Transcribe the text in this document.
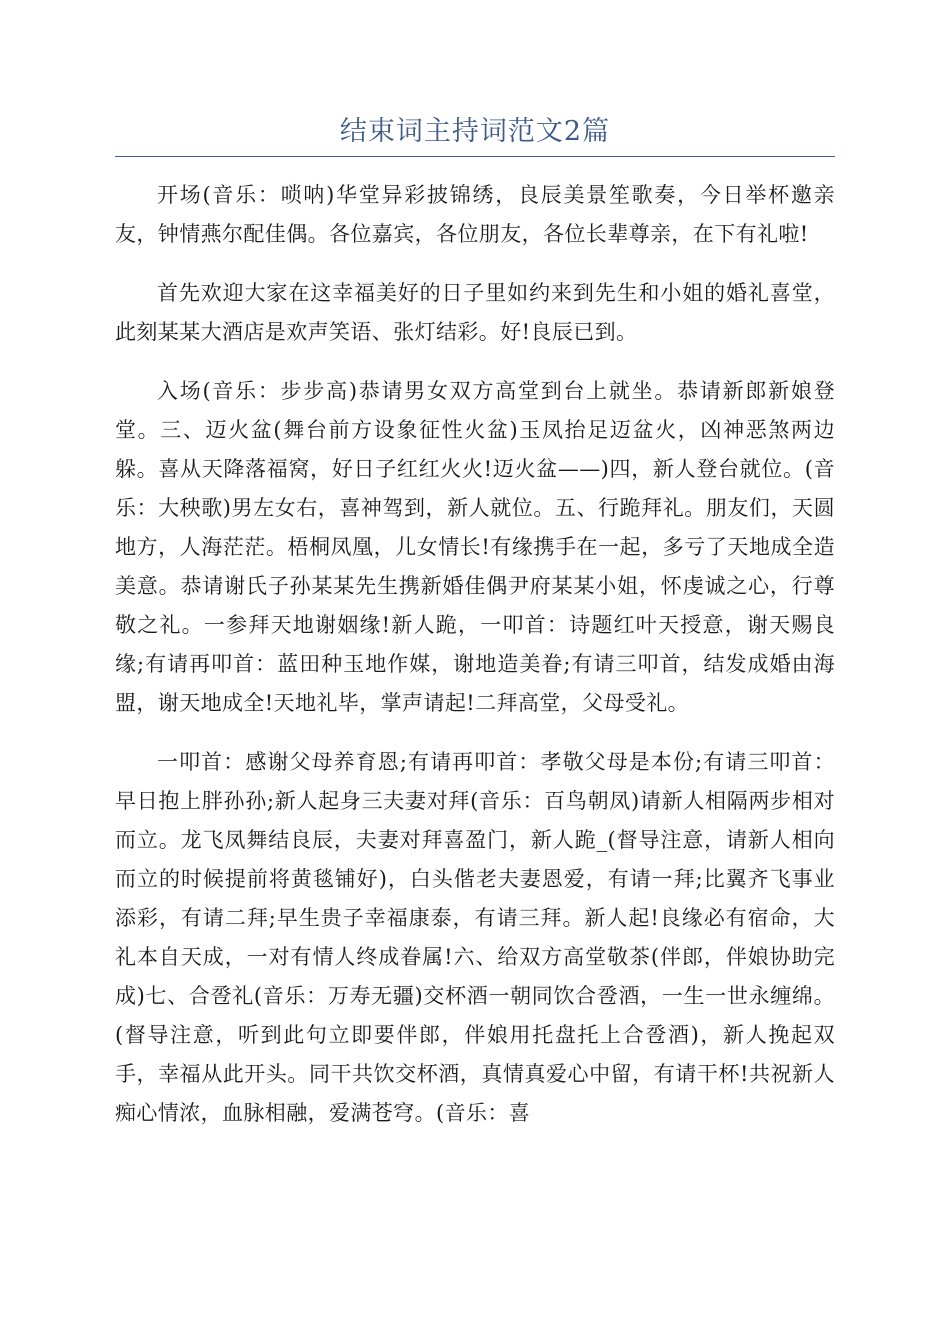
结束词主持词范文2篇

开场(音乐：唢呐)华堂异彩披锦绣，良辰美景笙歌奏，今日举杯邀亲友，钟情燕尔配佳偶。各位嘉宾，各位朋友，各位长辈尊亲，在下有礼啦!

首先欢迎大家在这幸福美好的日子里如约来到先生和小姐的婚礼喜堂，此刻某某大酒店是欢声笑语、张灯结彩。好!良辰已到。

入场(音乐：步步高)恭请男女双方高堂到台上就坐。恭请新郎新娘登堂。三、迈火盆(舞台前方设象征性火盆)玉凤抬足迈盆火，凶神恶煞两边躲。喜从天降落福窝，好日子红红火火!迈火盆——)四，新人登台就位。(音乐：大秧歌)男左女右，喜神驾到，新人就位。五、行跪拜礼。朋友们，天圆地方，人海茫茫。梧桐凤凰，儿女情长!有缘携手在一起，多亏了天地成全造美意。恭请谢氏子孙某某先生携新婚佳偶尹府某某小姐，怀虔诚之心，行尊敬之礼。一参拜天地谢姻缘!新人跪，一叩首：诗题红叶天授意，谢天赐良缘;有请再叩首：蓝田种玉地作媒，谢地造美眷;有请三叩首，结发成婚由海盟，谢天地成全!天地礼毕，掌声请起!二拜高堂，父母受礼。

一叩首：感谢父母养育恩;有请再叩首：孝敬父母是本份;有请三叩首：早日抱上胖孙孙;新人起身三夫妻对拜(音乐：百鸟朝凤)请新人相隔两步相对而立。龙飞凤舞结良辰，夫妻对拜喜盈门，新人跪_(督导注意，请新人相向而立的时候提前将黄毯铺好)，白头偕老夫妻恩爱，有请一拜;比翼齐飞事业添彩，有请二拜;早生贵子幸福康泰，有请三拜。新人起!良缘必有宿命，大礼本自天成，一对有情人终成眷属!六、给双方高堂敬茶(伴郎，伴娘协助完成)七、合卺礼(音乐：万寿无疆)交杯酒一朝同饮合卺酒，一生一世永缠绵。(督导注意，听到此句立即要伴郎，伴娘用托盘托上合卺酒)，新人挽起双手，幸福从此开头。同干共饮交杯酒，真情真爱心中留，有请干杯!共祝新人痴心情浓，血脉相融，爱满苍穹。(音乐：喜
